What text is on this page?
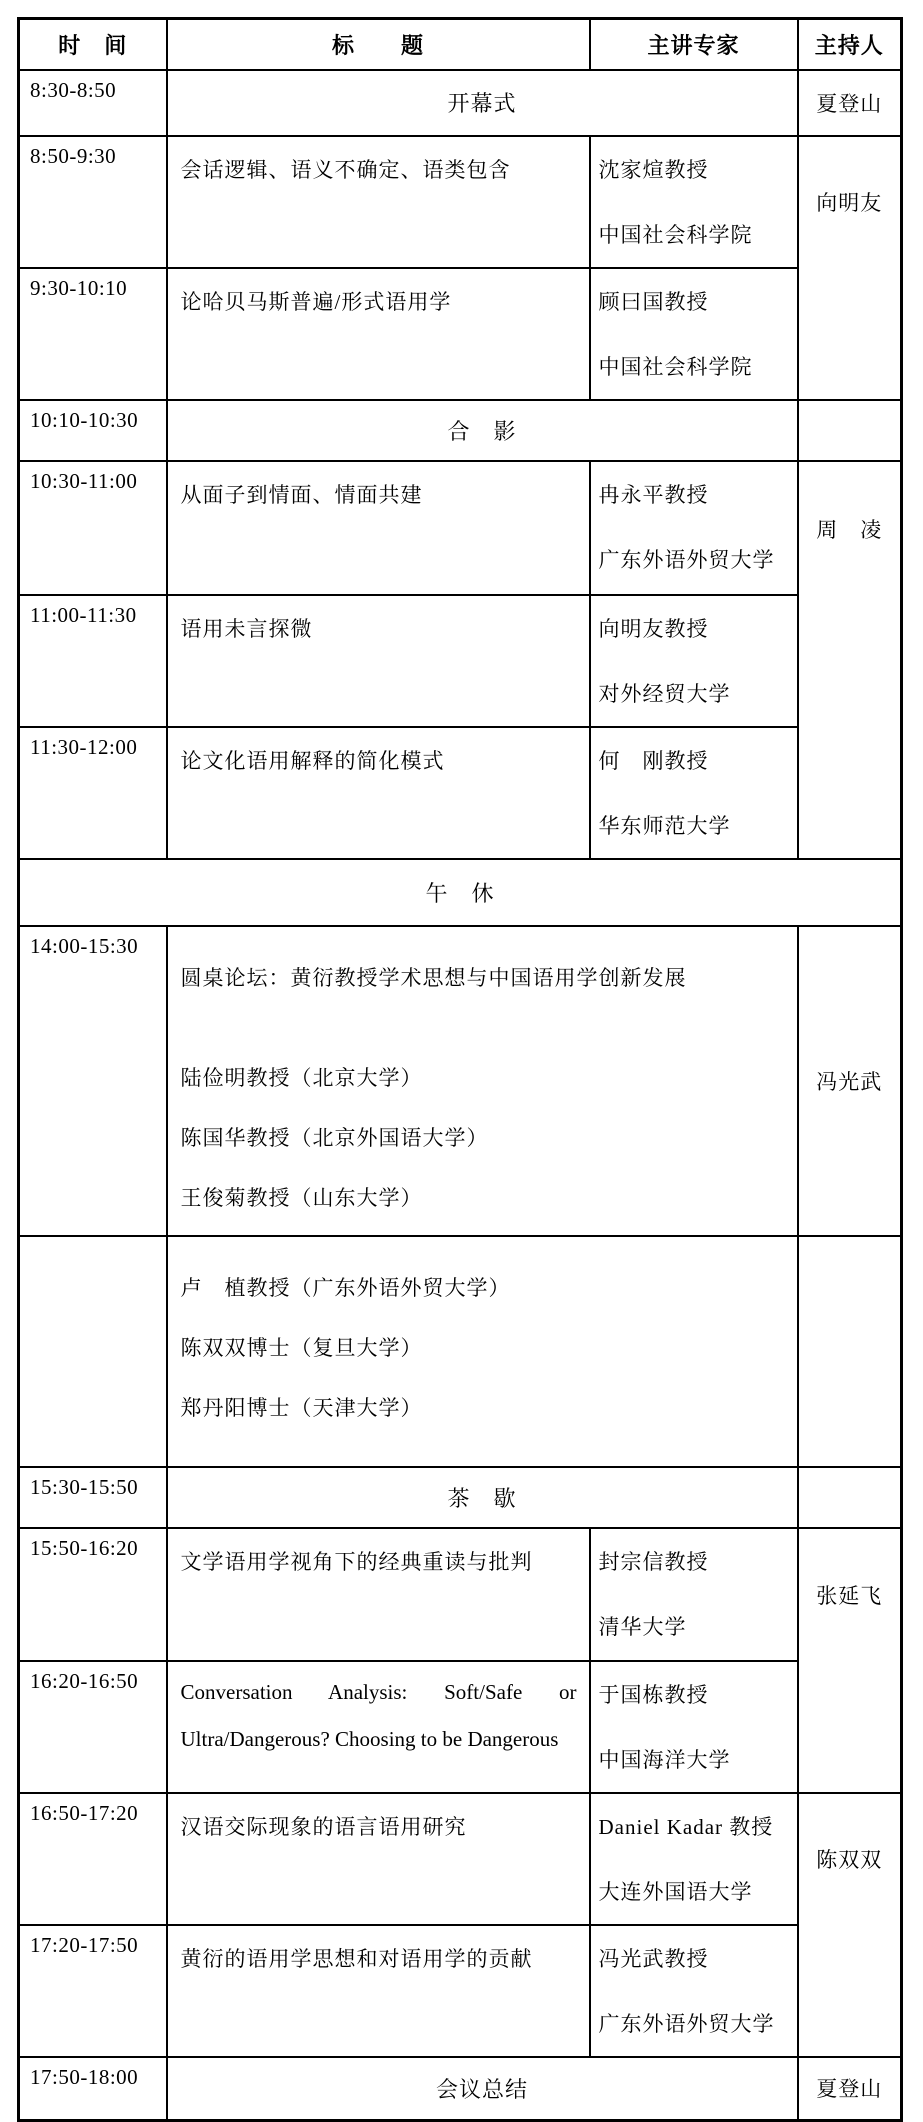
时　间	标　　题	主讲专家	主持人
8:30-8:50	开幕式		夏登山
8:50-9:30	会话逻辑、语义不确定、语类包含	沈家煊教授
中国社会科学院	向明友

9:30-10:10	论哈贝马斯普遍/形式语用学	顾曰国教授
中国社会科学院	

10:10-10:30	合　影		
10:30-11:00	从面子到情面、情面共建	冉永平教授
广东外语外贸大学	周　凌

11:00-11:30	语用未言探微	向明友教授
对外经贸大学	

11:30-12:00	论文化语用解释的简化模式	何　刚教授
华东师范大学	

午　休			
14:00-15:30	圆桌论坛：黄衍教授学术思想与中国语用学创新发展
陆俭明教授（北京大学）
陈国华教授（北京外国语大学）
王俊菊教授（山东大学）		冯光武

卢　植教授（广东外语外贸大学）
陈双双博士（复旦大学）
郑丹阳博士（天津大学）		

15:30-15:50	茶　歇		
15:50-16:20	文学语用学视角下的经典重读与批判	封宗信教授
清华大学	张延飞

16:20-16:50	Conversation Analysis: Soft/Safe or Ultra/Dangerous? Choosing to be Dangerous	于国栋教授
中国海洋大学	

16:50-17:20	汉语交际现象的语言语用研究	Daniel Kadar 教授
大连外国语大学	陈双双

17:20-17:50	黄衍的语用学思想和对语用学的贡献	冯光武教授
广东外语外贸大学	

17:50-18:00	会议总结		夏登山
